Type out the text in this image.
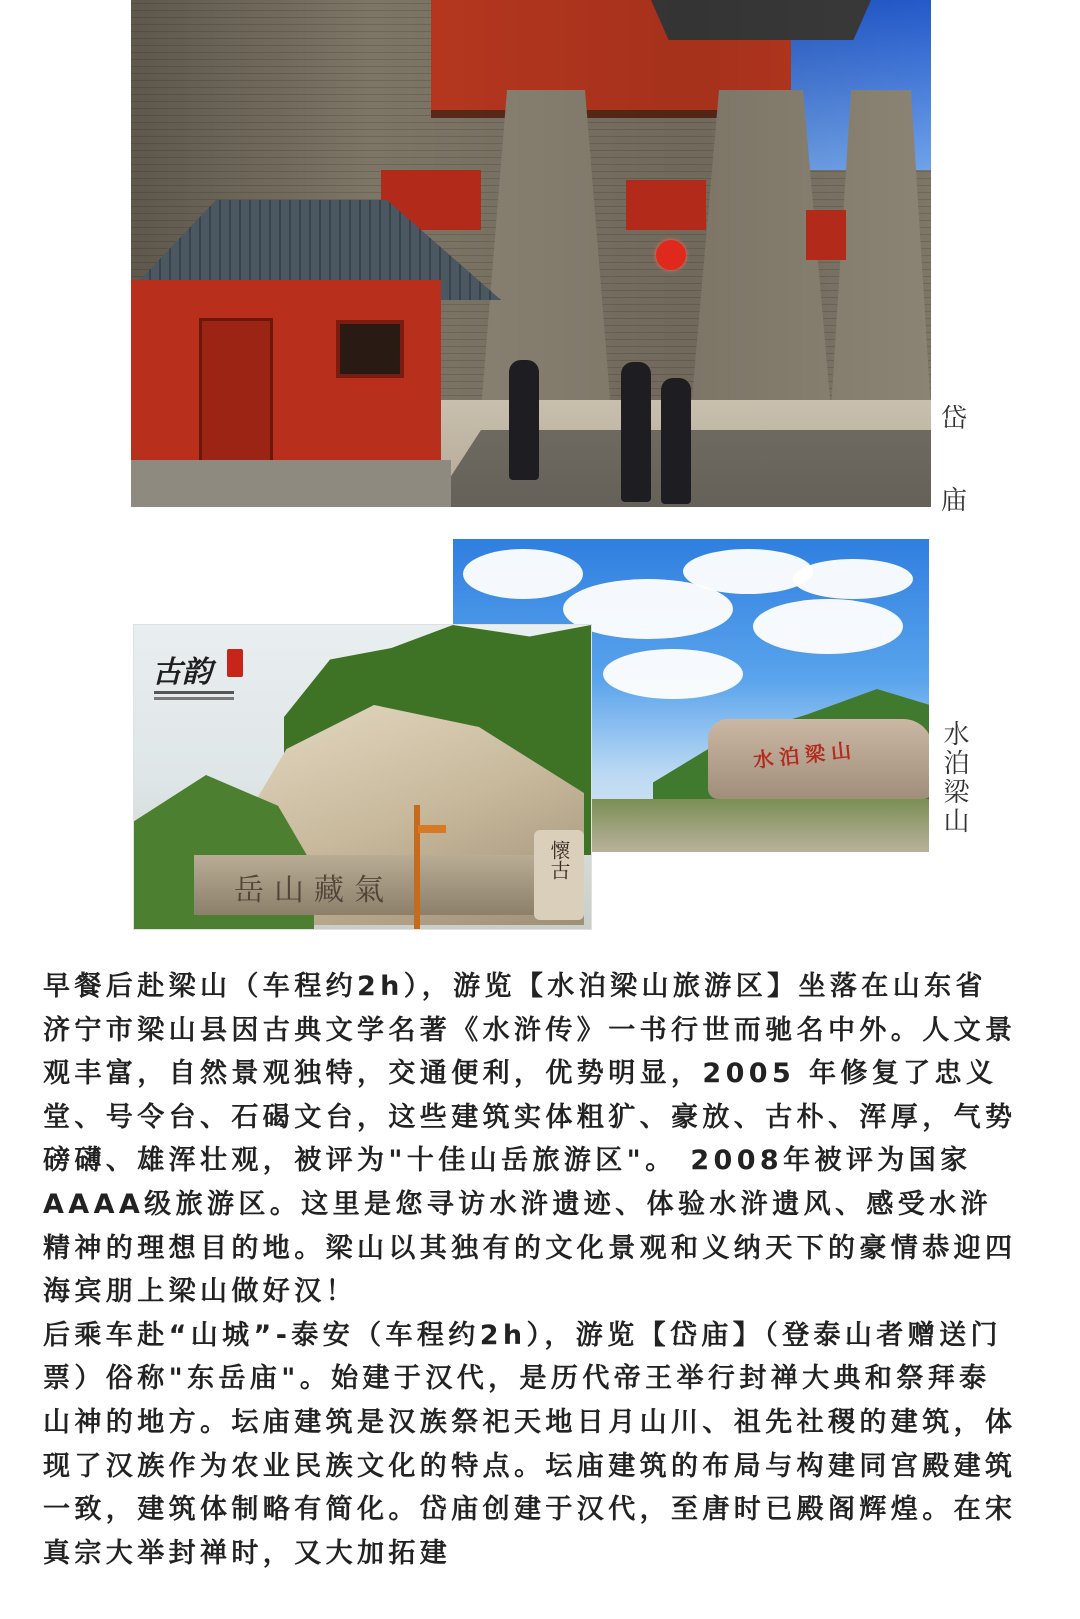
岱
庙
水泊梁山
岳山藏氣
懷古
古韵
水泊梁山

早餐后赴梁山（车程约2h），游览【水泊梁山旅游区】坐落在山东省济宁市梁山县因古典文学名著《水浒传》一书行世而驰名中外。人文景观丰富，自然景观独特，交通便利，优势明显，2005 年修复了忠义堂、号令台、石碣文台，这些建筑实体粗犷、豪放、古朴、浑厚，气势磅礴、雄浑壮观，被评为"十佳山岳旅游区"。 2008年被评为国家AAAA级旅游区。这里是您寻访水浒遗迹、体验水浒遗风、感受水浒精神的理想目的地。梁山以其独有的文化景观和义纳天下的豪情恭迎四海宾朋上梁山做好汉！

后乘车赴“山城”-泰安（车程约2h），游览【岱庙】（登泰山者赠送门票）俗称"东岳庙"。始建于汉代，是历代帝王举行封禅大典和祭拜泰山神的地方。坛庙建筑是汉族祭祀天地日月山川、祖先社稷的建筑，体现了汉族作为农业民族文化的特点。坛庙建筑的布局与构建同宫殿建筑一致，建筑体制略有简化。岱庙创建于汉代，至唐时已殿阁辉煌。在宋真宗大举封禅时，又大加拓建
